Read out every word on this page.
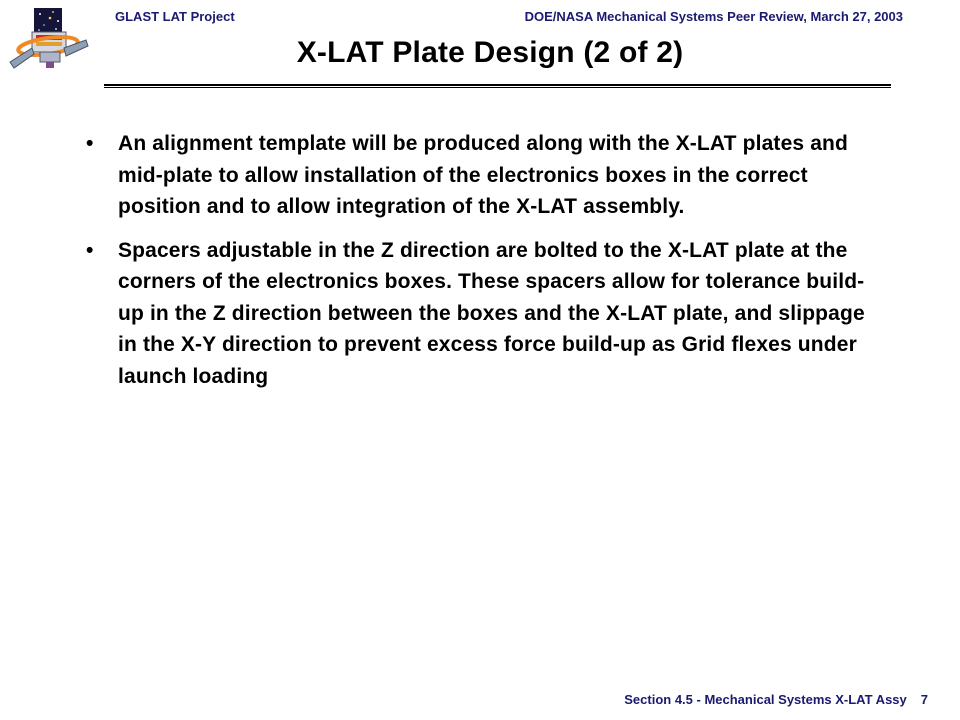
GLAST LAT Project	DOE/NASA Mechanical Systems Peer Review, March 27, 2003
X-LAT Plate Design (2 of 2)
•	An alignment template will be produced along with the X-LAT plates and mid-plate to allow installation of the electronics boxes in the correct position and to allow integration of the X-LAT assembly.
•	Spacers adjustable in the Z direction are bolted to the X-LAT plate at the corners of the electronics boxes. These spacers allow for tolerance build-up in the Z direction between the boxes and the X-LAT plate, and slippage in the X-Y direction to prevent excess force build-up as Grid flexes under launch loading
Section 4.5 - Mechanical Systems X-LAT Assy 7
